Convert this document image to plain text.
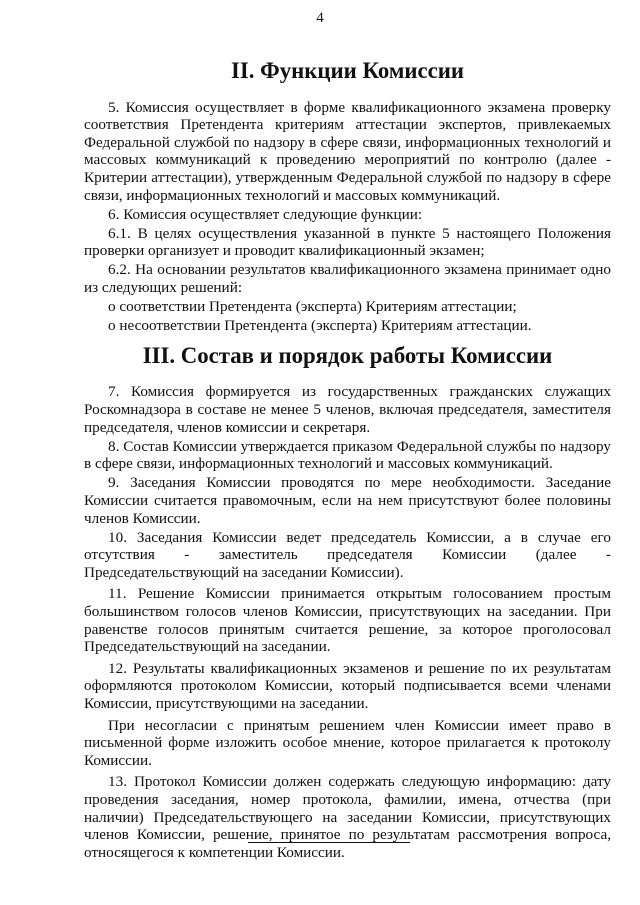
4
II. Функции Комиссии

5. Комиссия осуществляет в форме квалификационного экзамена проверку соответствия Претендента критериям аттестации экспертов, привлекаемых Федеральной службой по надзору в сфере связи, информационных технологий и массовых коммуникаций к проведению мероприятий по контролю (далее - Критерии аттестации), утвержденным Федеральной службой по надзору в сфере связи, информационных технологий и массовых коммуникаций.

6. Комиссия осуществляет следующие функции:

6.1. В целях осуществления указанной в пункте 5 настоящего Положения проверки организует и проводит квалификационный экзамен;

6.2. На основании результатов квалификационного экзамена принимает одно из следующих решений:

о соответствии Претендента (эксперта) Критериям аттестации;

о несоответствии Претендента (эксперта) Критериям аттестации.

III. Состав и порядок работы Комиссии

7. Комиссия формируется из государственных гражданских служащих Роскомнадзора в составе не менее 5 членов, включая председателя, заместителя председателя, членов комиссии и секретаря.

8. Состав Комиссии утверждается приказом Федеральной службы по надзору в сфере связи, информационных технологий и массовых коммуникаций.

9. Заседания Комиссии проводятся по мере необходимости. Заседание Комиссии считается правомочным, если на нем присутствуют более половины членов Комиссии.

10. Заседания Комиссии ведет председатель Комиссии, а в случае его отсутствия - заместитель председателя Комиссии (далее - Председательствующий на заседании Комиссии).

11. Решение Комиссии принимается открытым голосованием простым большинством голосов членов Комиссии, присутствующих на заседании. При равенстве голосов принятым считается решение, за которое проголосовал Председательствующий на заседании.

12. Результаты квалификационных экзаменов и решение по их результатам оформляются протоколом Комиссии, который подписывается всеми членами Комиссии, присутствующими на заседании.

При несогласии с принятым решением член Комиссии имеет право в письменной форме изложить особое мнение, которое прилагается к протоколу Комиссии.

13. Протокол Комиссии должен содержать следующую информацию: дату проведения заседания, номер протокола, фамилии, имена, отчества (при наличии) Председательствующего на заседании Комиссии, присутствующих членов Комиссии, решение, принятое по результатам рассмотрения вопроса, относящегося к компетенции Комиссии.
